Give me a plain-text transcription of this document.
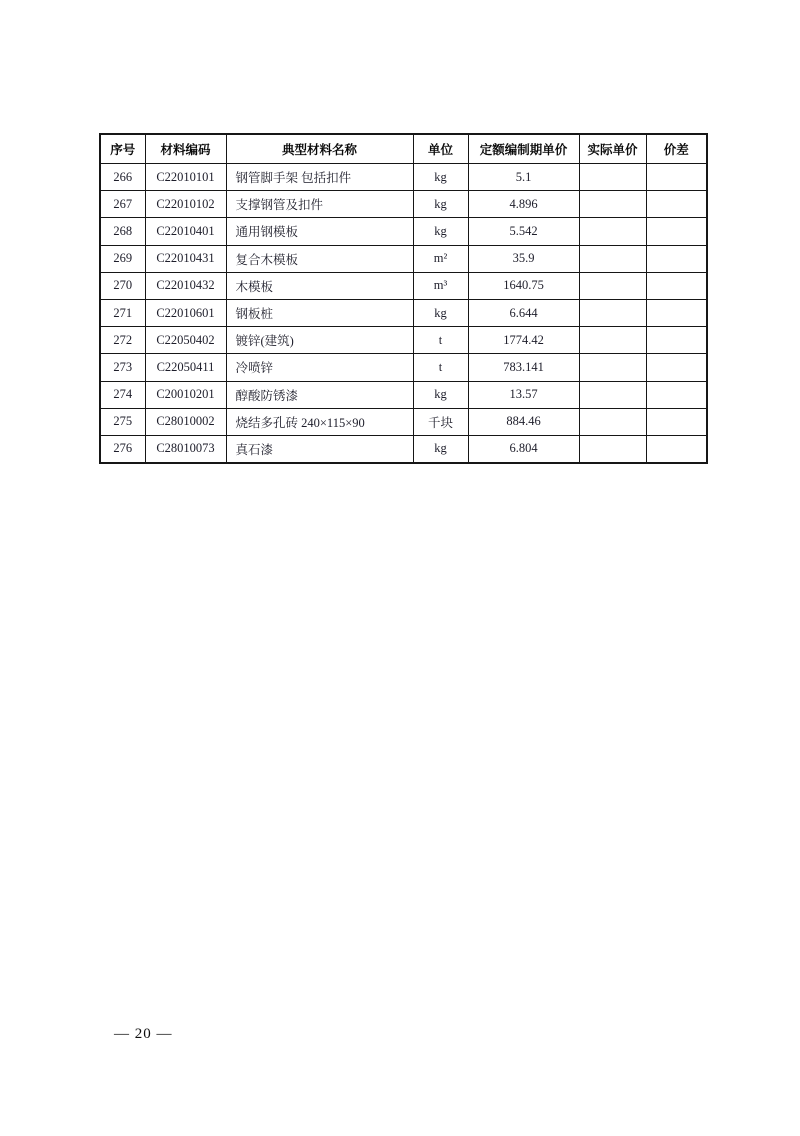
序号	材料编码	典型材料名称	单位	定额编制期单价	实际单价	价差
266	C22010101	钢管脚手架 包括扣件	kg	5.1		
267	C22010102	支撑钢管及扣件	kg	4.896		
268	C22010401	通用钢模板	kg	5.542		
269	C22010431	复合木模板	m²	35.9		
270	C22010432	木模板	m³	1640.75		
271	C22010601	钢板桩	kg	6.644		
272	C22050402	镀锌(建筑)	t	1774.42		
273	C22050411	冷喷锌	t	783.141		
274	C20010201	醇酸防锈漆	kg	13.57		
275	C28010002	烧结多孔砖 240×115×90	千块	884.46		
276	C28010073	真石漆	kg	6.804		
— 20 —
